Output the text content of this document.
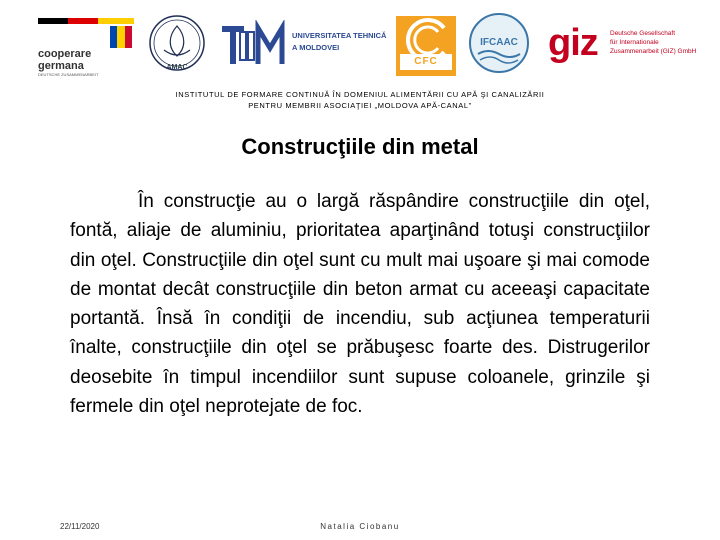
cooperare
germana
DEUTSCHE ZUSAMMENARBEIT
AMAC
UNIVERSITATEA TEHNICĂ
A MOLDOVEI
CFC
IFCAAC giz Deutsche Gesellschaft
für Internationale
Zusammenarbeit (GIZ) GmbH
INSTITUTUL DE FORMARE CONTINUĂ ÎN DOMENIUL ALIMENTĂRII CU APĂ ŞI CANALIZĂRII
PENTRU MEMBRII ASOCIAŢIEI „MOLDOVA APĂ-CANAL”
Construcţiile din metal

În construcţie au o largă răspândire construcţiile din oţel, fontă, aliaje de aluminiu, prioritatea aparţinând totuşi construcţiilor din oţel. Construcţiile din oţel sunt cu mult mai uşoare şi mai comode de montat decât construcţiile din beton armat cu aceeaşi capacitate portantă. Însă în condiţii de incendiu, sub acţiunea temperaturii înalte, construcţiile din oţel se prăbuşesc foarte des. Distrugerilor deosebite în timpul incendiilor sunt supuse coloanele, grinzile şi fermele din oţel neprotejate de foc.

22/11/2020	Natalia Ciobanu
